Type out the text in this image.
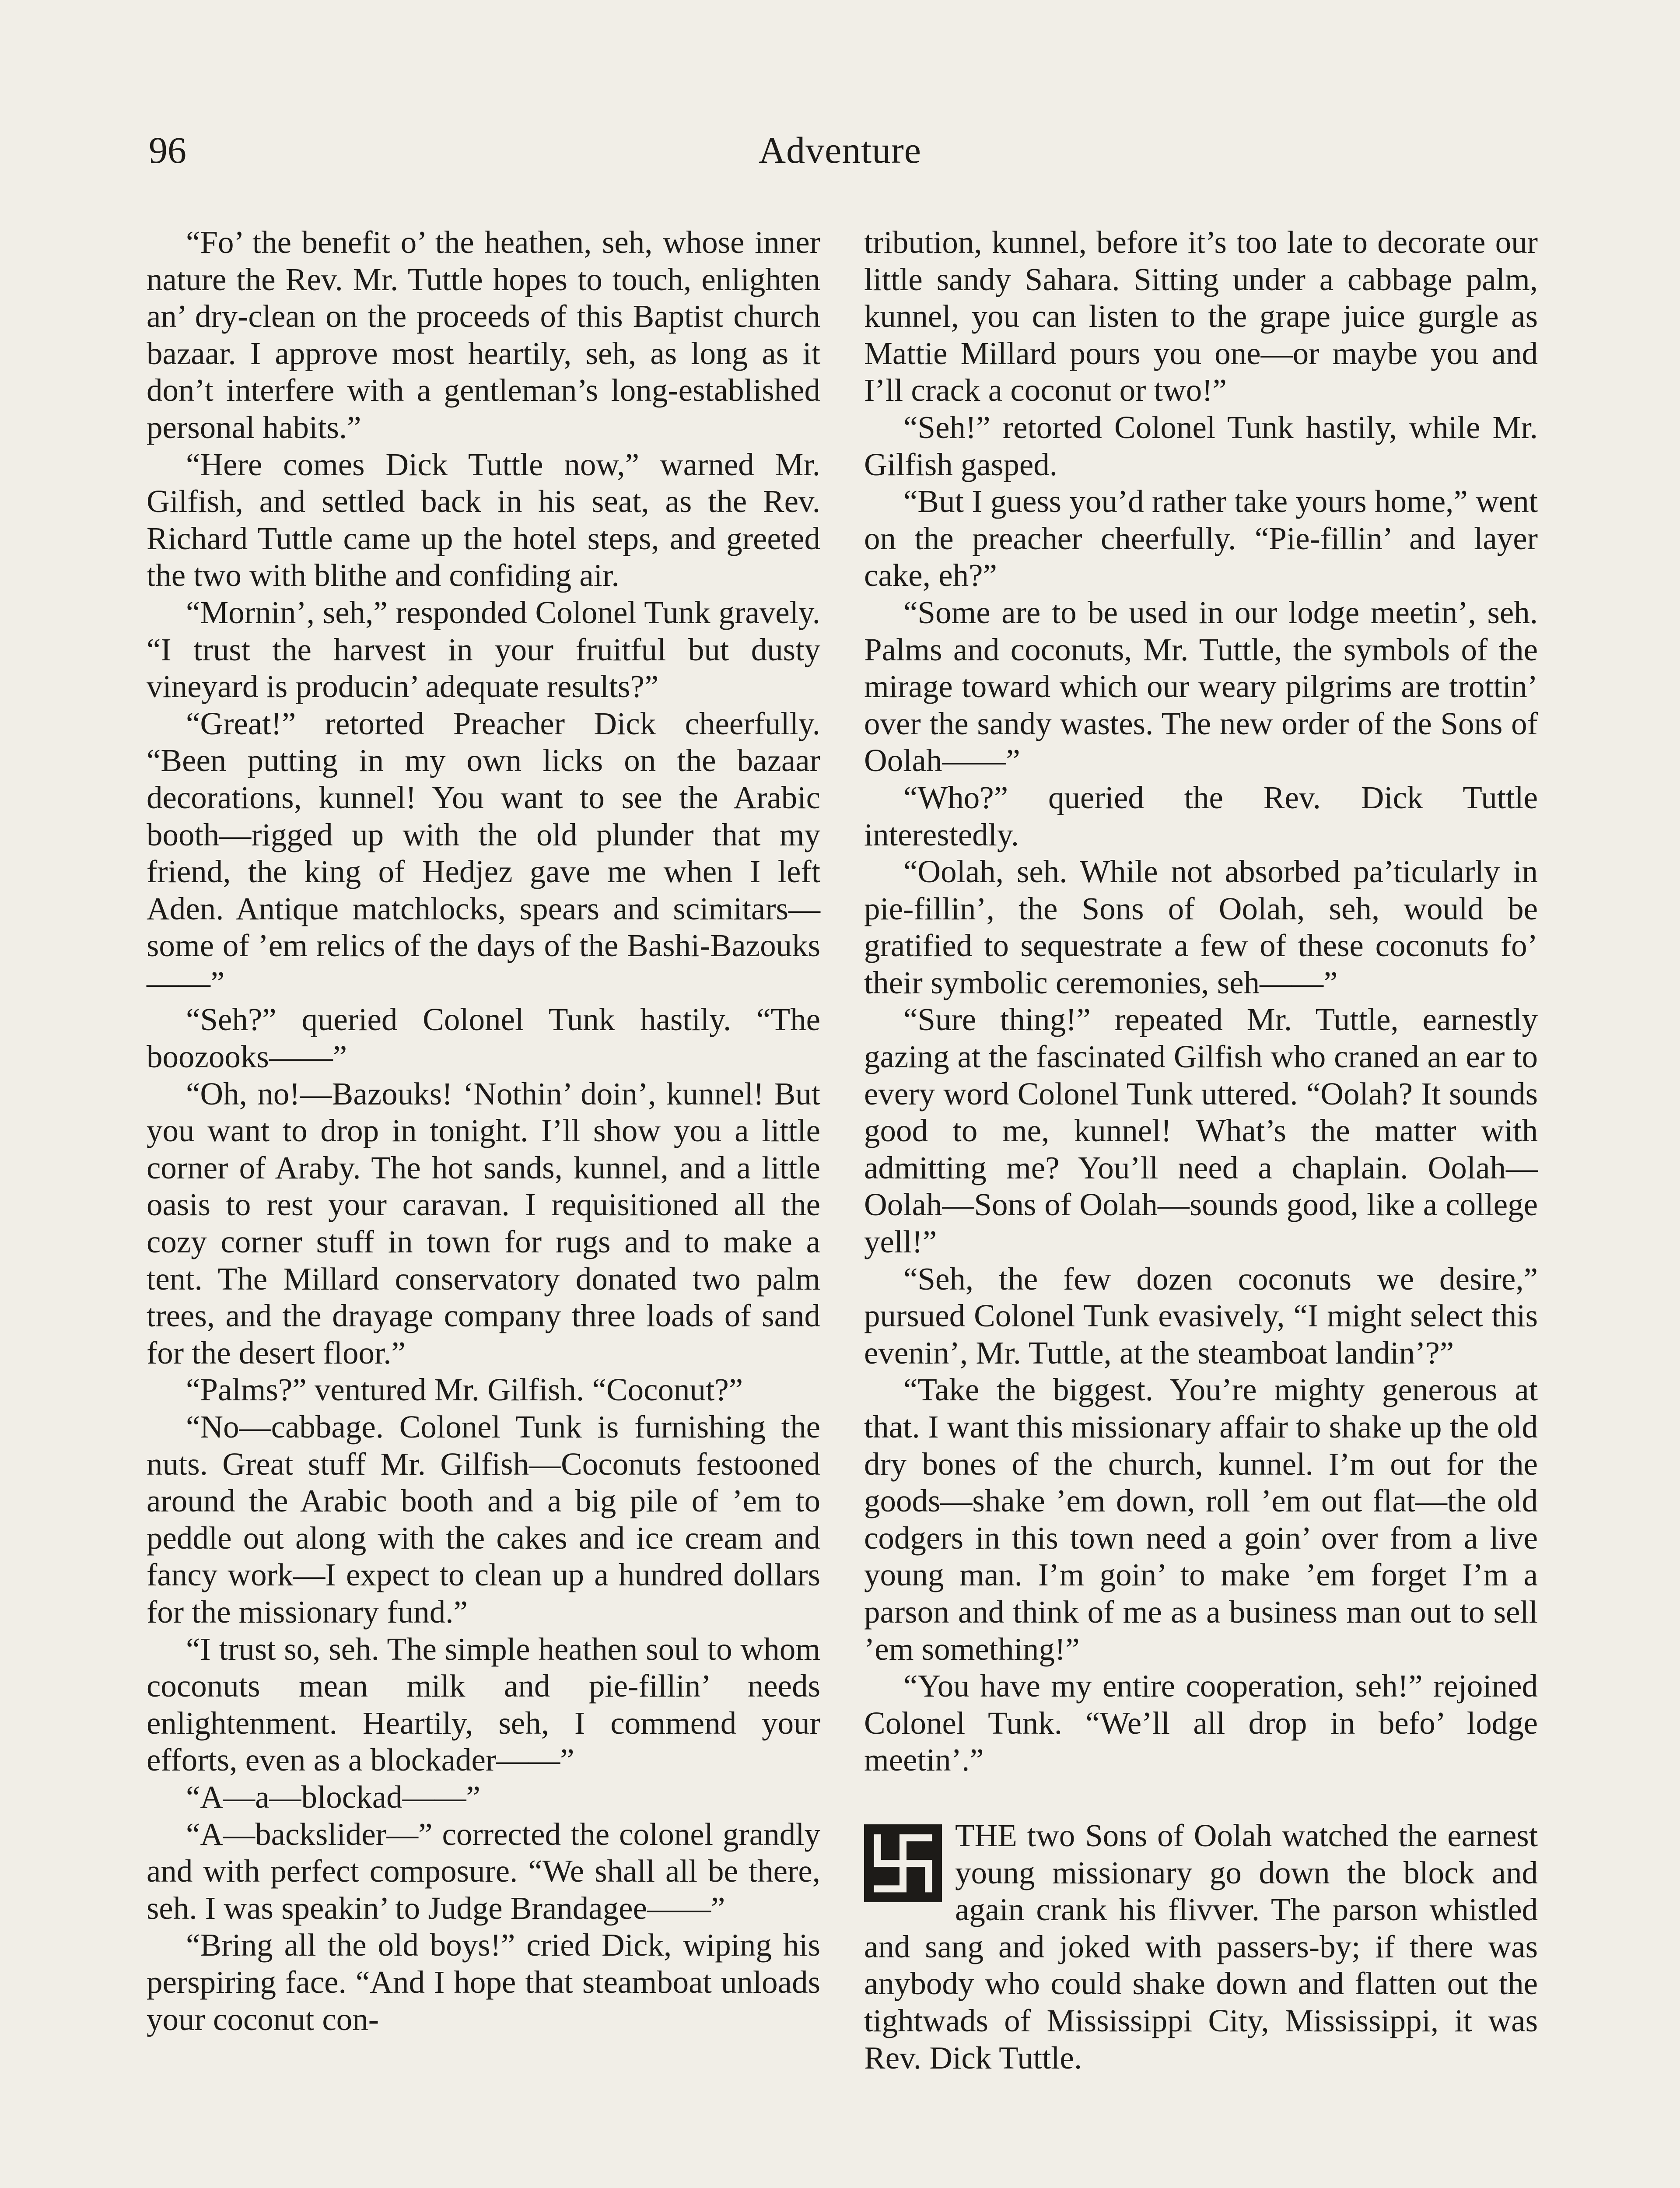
96	Adventure

“Fo’ the benefit o’ the heathen, seh, whose inner nature the Rev. Mr. Tuttle hopes to touch, enlighten an’ dry-clean on the proceeds of this Baptist church bazaar. I approve most heartily, seh, as long as it don’t interfere with a gentleman’s long-established personal habits.”

“Here comes Dick Tuttle now,” warned Mr. Gilfish, and settled back in his seat, as the Rev. Richard Tuttle came up the hotel steps, and greeted the two with blithe and confiding air.

“Mornin’, seh,” responded Colonel Tunk gravely. “I trust the harvest in your fruitful but dusty vineyard is producin’ adequate results?”

“Great!” retorted Preacher Dick cheerfully. “Been putting in my own licks on the bazaar decorations, kunnel! You want to see the Arabic booth—rigged up with the old plunder that my friend, the king of Hedjez gave me when I left Aden. Antique matchlocks, spears and scimitars—some of ’em relics of the days of the Bashi-Bazouks——”

“Seh?” queried Colonel Tunk hastily. “The boozooks——”

“Oh, no!—Bazouks! ‘Nothin’ doin’, kunnel! But you want to drop in tonight. I’ll show you a little corner of Araby. The hot sands, kunnel, and a little oasis to rest your caravan. I requisitioned all the cozy corner stuff in town for rugs and to make a tent. The Millard conservatory donated two palm trees, and the drayage company three loads of sand for the desert floor.”

“Palms?” ventured Mr. Gilfish. “Coconut?”

“No—cabbage. Colonel Tunk is furnishing the nuts. Great stuff Mr. Gilfish—Coconuts festooned around the Arabic booth and a big pile of ’em to peddle out along with the cakes and ice cream and fancy work—I expect to clean up a hundred dollars for the missionary fund.”

“I trust so, seh. The simple heathen soul to whom coconuts mean milk and pie-fillin’ needs enlightenment. Heartily, seh, I commend your efforts, even as a blockader——”

“A—a—blockad——”

“A—backslider—” corrected the colonel grandly and with perfect composure. “We shall all be there, seh. I was speakin’ to Judge Brandagee——”

“Bring all the old boys!” cried Dick, wiping his perspiring face. “And I hope that steamboat unloads your coconut con-

tribution, kunnel, before it’s too late to decorate our little sandy Sahara. Sitting under a cabbage palm, kunnel, you can listen to the grape juice gurgle as Mattie Millard pours you one—or maybe you and I’ll crack a coconut or two!”

“Seh!” retorted Colonel Tunk hastily, while Mr. Gilfish gasped.

“But I guess you’d rather take yours home,” went on the preacher cheerfully. “Pie-fillin’ and layer cake, eh?”

“Some are to be used in our lodge meetin’, seh. Palms and coconuts, Mr. Tuttle, the symbols of the mirage toward which our weary pilgrims are trottin’ over the sandy wastes. The new order of the Sons of Oolah——”

“Who?” queried the Rev. Dick Tuttle interestedly.

“Oolah, seh. While not absorbed pa’ticularly in pie-fillin’, the Sons of Oolah, seh, would be gratified to sequestrate a few of these coconuts fo’ their symbolic ceremonies, seh——”

“Sure thing!” repeated Mr. Tuttle, earnestly gazing at the fascinated Gilfish who craned an ear to every word Colonel Tunk uttered. “Oolah? It sounds good to me, kunnel! What’s the matter with admitting me? You’ll need a chaplain. Oolah—Oolah—Sons of Oolah—sounds good, like a college yell!”

“Seh, the few dozen coconuts we desire,” pursued Colonel Tunk evasively, “I might select this evenin’, Mr. Tuttle, at the steamboat landin’?”

“Take the biggest. You’re mighty generous at that. I want this missionary affair to shake up the old dry bones of the church, kunnel. I’m out for the goods—shake ’em down, roll ’em out flat—the old codgers in this town need a goin’ over from a live young man. I’m goin’ to make ’em forget I’m a parson and think of me as a business man out to sell ’em something!”

“You have my entire cooperation, seh!” rejoined Colonel Tunk. “We’ll all drop in befo’ lodge meetin’.”

THE two Sons of Oolah watched the earnest young missionary go down the block and again crank his flivver. The parson whistled and sang and joked with passers-by; if there was anybody who could shake down and flatten out the tightwads of Mississippi City, Mississippi, it was Rev. Dick Tuttle.
